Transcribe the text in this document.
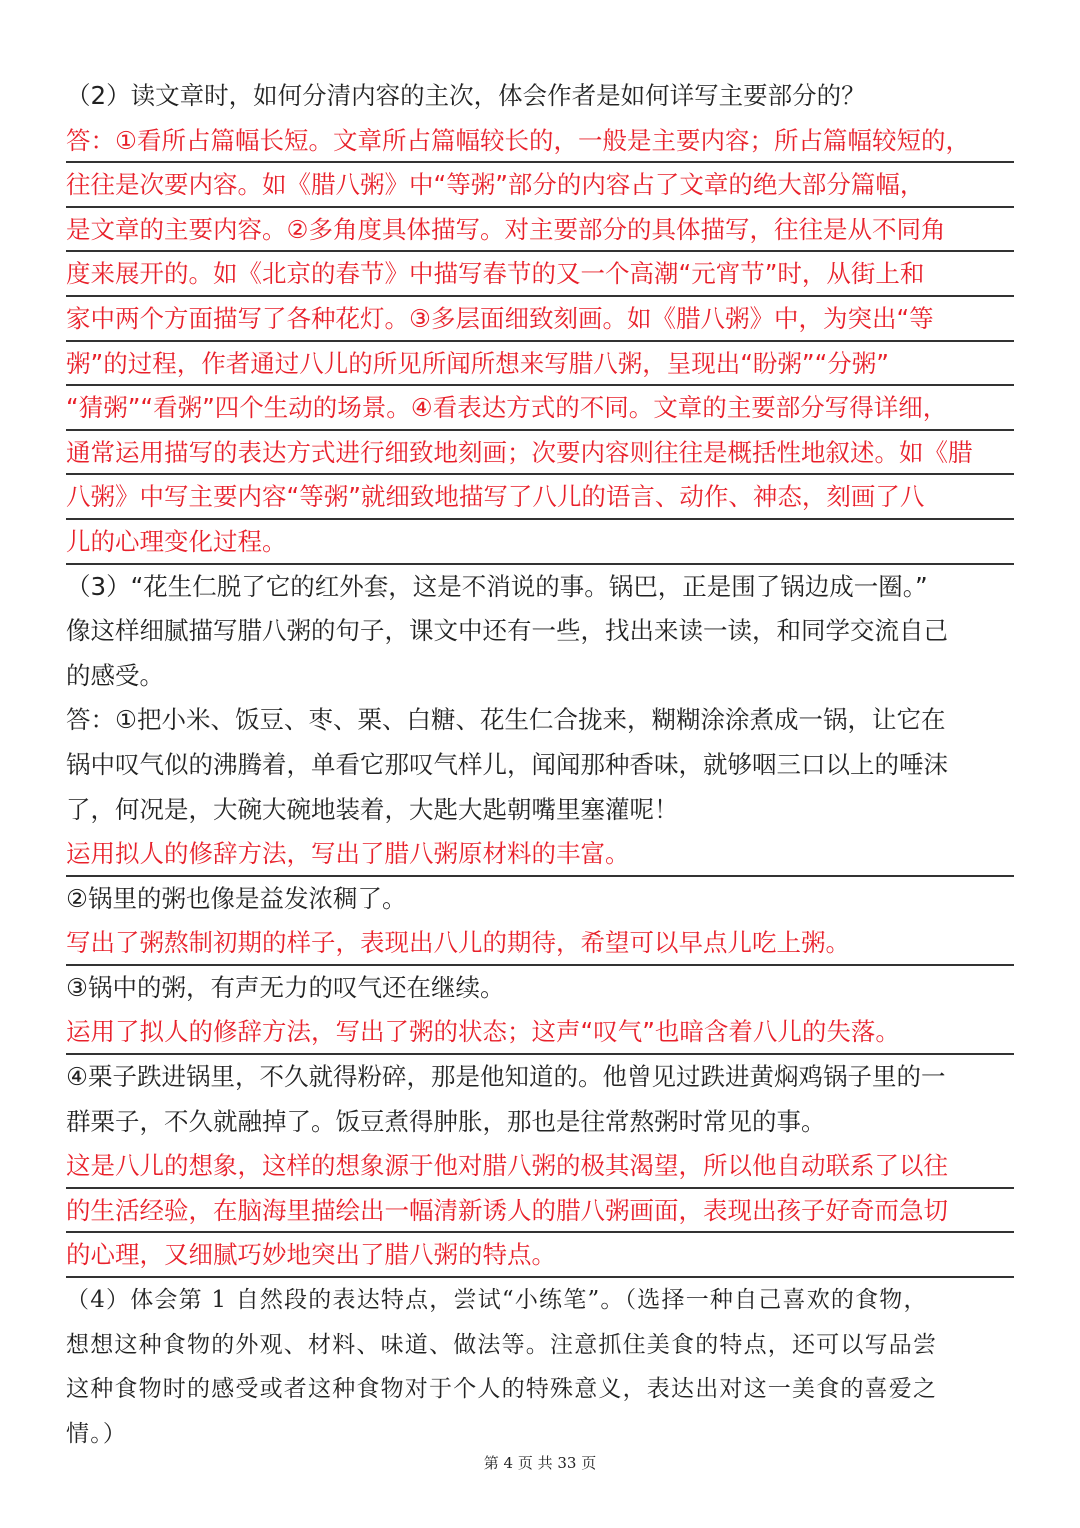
（2）读文章时，如何分清内容的主次，体会作者是如何详写主要部分的？
答：①看所占篇幅长短。文章所占篇幅较长的，一般是主要内容；所占篇幅较短的，
往往是次要内容。如《腊八粥》中“等粥”部分的内容占了文章的绝大部分篇幅，
是文章的主要内容。②多角度具体描写。对主要部分的具体描写，往往是从不同角
度来展开的。如《北京的春节》中描写春节的又一个高潮“元宵节”时，从街上和
家中两个方面描写了各种花灯。③多层面细致刻画。如《腊八粥》中，为突出“等
粥”的过程，作者通过八儿的所见所闻所想来写腊八粥，呈现出“盼粥”“分粥”
“猜粥”“看粥”四个生动的场景。④看表达方式的不同。文章的主要部分写得详细，
通常运用描写的表达方式进行细致地刻画；次要内容则往往是概括性地叙述。如《腊
八粥》中写主要内容“等粥”就细致地描写了八儿的语言、动作、神态，刻画了八
儿的心理变化过程。
（3）“花生仁脱了它的红外套，这是不消说的事。锅巴，正是围了锅边成一圈。”
像这样细腻描写腊八粥的句子，课文中还有一些，找出来读一读，和同学交流自己
的感受。
答：①把小米、饭豆、枣、栗、白糖、花生仁合拢来，糊糊涂涂煮成一锅，让它在
锅中叹气似的沸腾着，单看它那叹气样儿，闻闻那种香味，就够咽三口以上的唾沫
了，何况是，大碗大碗地装着，大匙大匙朝嘴里塞灌呢！
运用拟人的修辞方法，写出了腊八粥原材料的丰富。
②锅里的粥也像是益发浓稠了。
写出了粥熬制初期的样子，表现出八儿的期待，希望可以早点儿吃上粥。
③锅中的粥，有声无力的叹气还在继续。
运用了拟人的修辞方法，写出了粥的状态；这声“叹气”也暗含着八儿的失落。
④栗子跌进锅里，不久就得粉碎，那是他知道的。他曾见过跌进黄焖鸡锅子里的一
群栗子，不久就融掉了。饭豆煮得肿胀，那也是往常熬粥时常见的事。
这是八儿的想象，这样的想象源于他对腊八粥的极其渴望，所以他自动联系了以往
的生活经验，在脑海里描绘出一幅清新诱人的腊八粥画面，表现出孩子好奇而急切
的心理，又细腻巧妙地突出了腊八粥的特点。
（4）体会第 1 自然段的表达特点，尝试“小练笔”。（选择一种自己喜欢的食物，
想想这种食物的外观、材料、味道、做法等。注意抓住美食的特点，还可以写品尝
这种食物时的感受或者这种食物对于个人的特殊意义，表达出对这一美食的喜爱之
情。）
第 4 页 共 33 页
